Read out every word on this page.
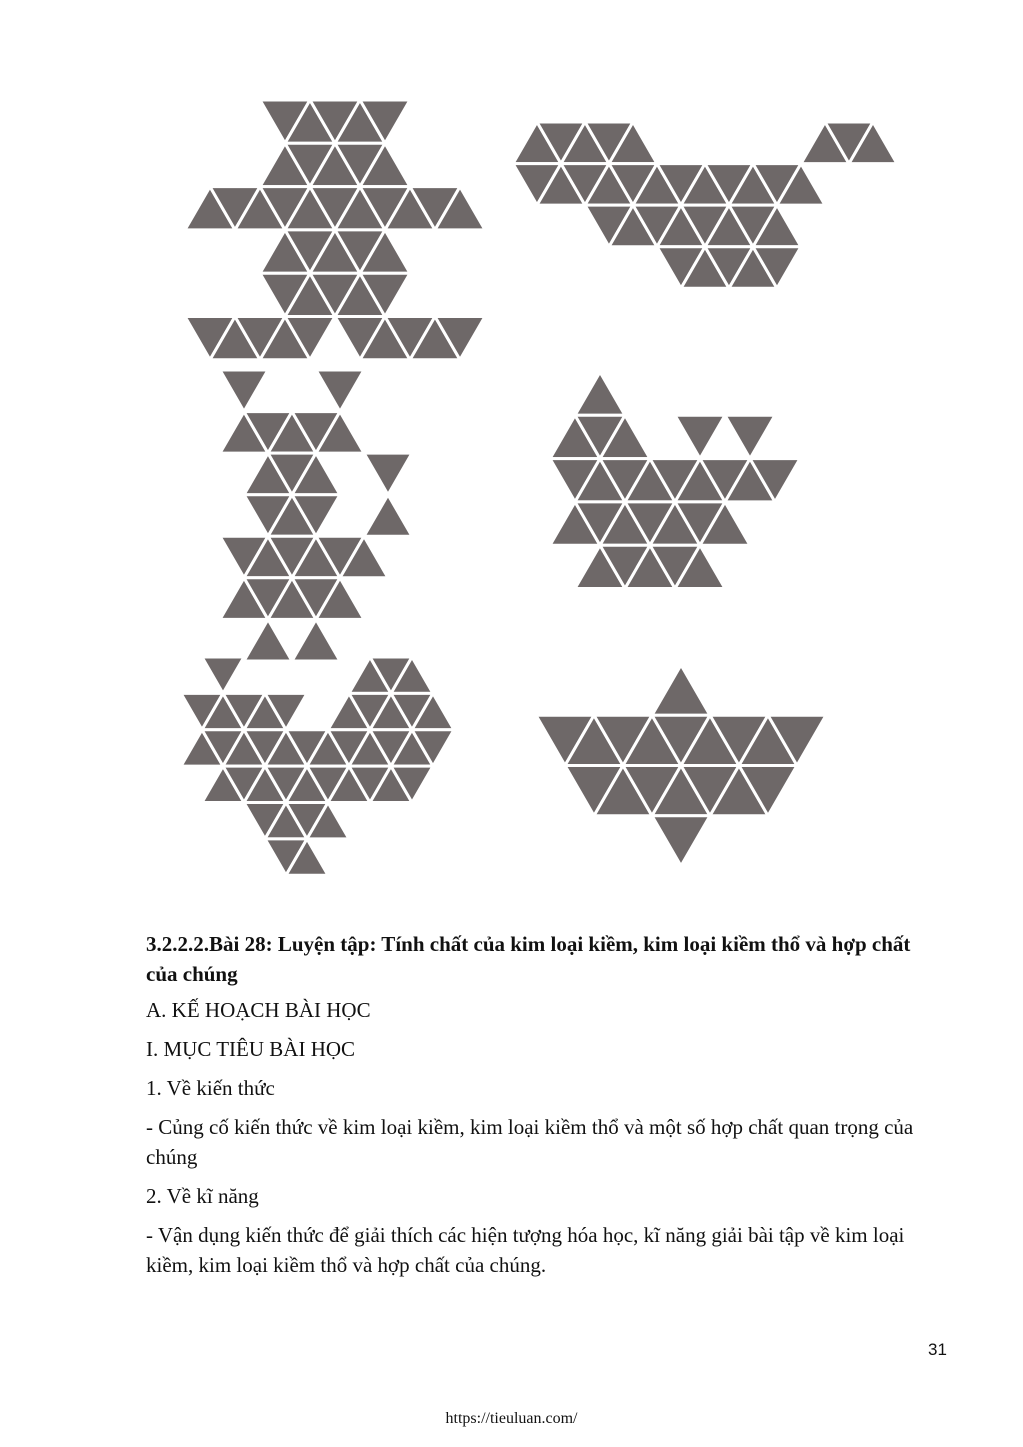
3.2.2.2.Bài 28: Luyện tập: Tính chất của kim loại kiềm, kim loại kiềm thổ và hợp chất của chúng

A. KẾ HOẠCH BÀI HỌC

I. MỤC TIÊU BÀI HỌC

1. Về kiến thức

- Củng cố kiến thức về kim loại kiềm, kim loại kiềm thổ và một số hợp chất quan trọng của chúng

2. Về kĩ năng

- Vận dụng kiến thức để giải thích các hiện tượng hóa học, kĩ năng giải bài tập về kim loại kiềm, kim loại kiềm thổ và hợp chất của chúng.

31
https://tieuluan.com/
